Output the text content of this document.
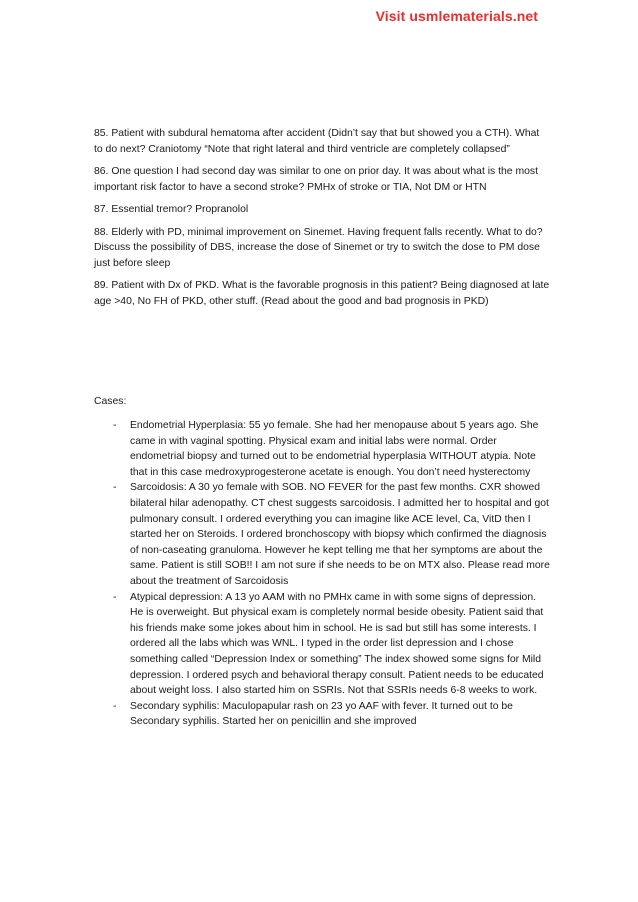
Visit usmlematerials.net

85. Patient with subdural hematoma after accident (Didn’t say that but showed you a CTH). What to do next? Craniotomy “Note that right lateral and third ventricle are completely collapsed”

86. One question I had second day was similar to one on prior day. It was about what is the most important risk factor to have a second stroke? PMHx of stroke or TIA, Not DM or HTN

87. Essential tremor? Propranolol

88. Elderly with PD, minimal improvement on Sinemet. Having frequent falls recently. What to do? Discuss the possibility of DBS, increase the dose of Sinemet or try to switch the dose to PM dose just before sleep

89. Patient with Dx of PKD. What is the favorable prognosis in this patient? Being diagnosed at late age >40, No FH of PKD, other stuff. (Read about the good and bad prognosis in PKD)

Cases:

- Endometrial Hyperplasia: 55 yo female. She had her menopause about 5 years ago. She came in with vaginal spotting. Physical exam and initial labs were normal. Order endometrial biopsy and turned out to be endometrial hyperplasia WITHOUT atypia. Note that in this case medroxyprogesterone acetate is enough. You don’t need hysterectomy
- Sarcoidosis: A 30 yo female with SOB. NO FEVER for the past few months. CXR showed bilateral hilar adenopathy. CT chest suggests sarcoidosis. I admitted her to hospital and got pulmonary consult. I ordered everything you can imagine like ACE level, Ca, VitD then I started her on Steroids. I ordered bronchoscopy with biopsy which confirmed the diagnosis of non-caseating granuloma. However he kept telling me that her symptoms are about the same. Patient is still SOB!! I am not sure if she needs to be on MTX also. Please read more about the treatment of Sarcoidosis
- Atypical depression: A 13 yo AAM with no PMHx came in with some signs of depression. He is overweight. But physical exam is completely normal beside obesity. Patient said that his friends make some jokes about him in school. He is sad but still has some interests. I ordered all the labs which was WNL. I typed in the order list depression and I chose something called “Depression Index or something” The index showed some signs for Mild depression. I ordered psych and behavioral therapy consult. Patient needs to be educated about weight loss. I also started him on SSRIs. Not that SSRIs needs 6-8 weeks to work.
- Secondary syphilis: Maculopapular rash on 23 yo AAF with fever. It turned out to be Secondary syphilis. Started her on penicillin and she improved
